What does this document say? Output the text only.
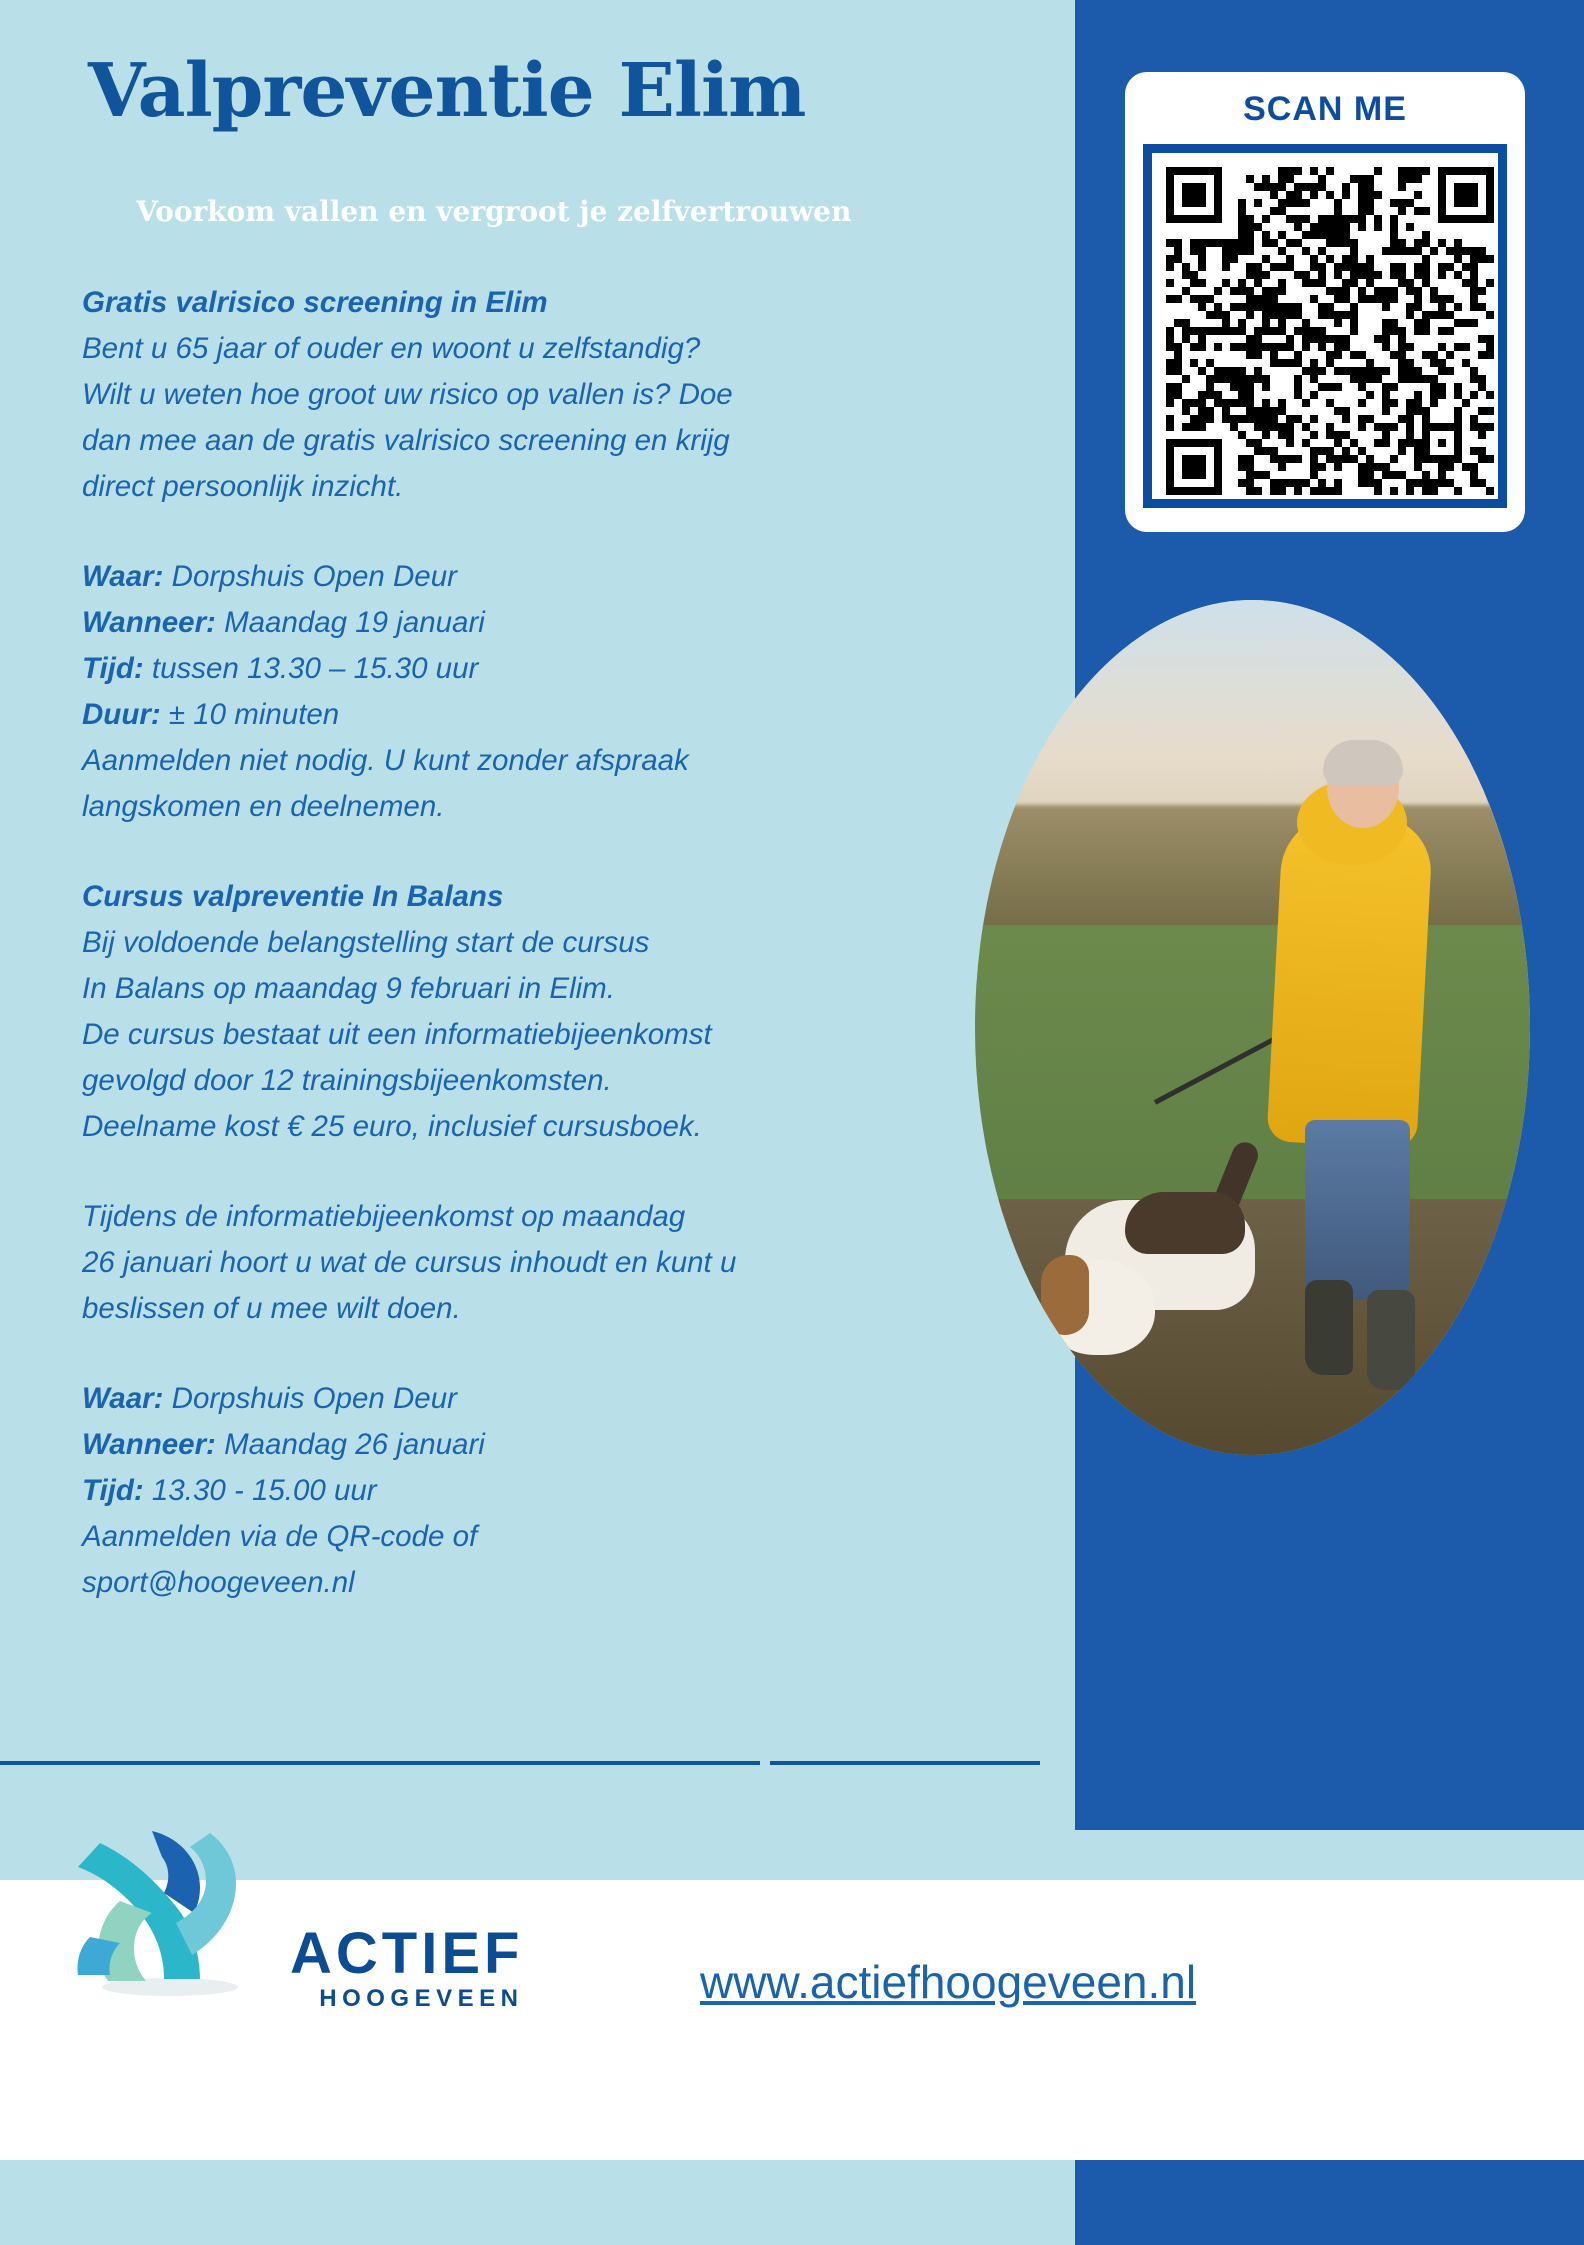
Valpreventie Elim
Voorkom vallen en vergroot je zelfvertrouwen
SCAN ME

Gratis valrisico screening in Elim

Bent u 65 jaar of ouder en woont u zelfstandig?

Wilt u weten hoe groot uw risico op vallen is? Doe

dan mee aan de gratis valrisico screening en krijg

direct persoonlijk inzicht.

Waar: Dorpshuis Open Deur

Wanneer: Maandag 19 januari

Tijd: tussen 13.30 – 15.30 uur

Duur: ± 10 minuten

Aanmelden niet nodig. U kunt zonder afspraak

langskomen en deelnemen.

Cursus valpreventie In Balans

Bij voldoende belangstelling start de cursus

In Balans op maandag 9 februari in Elim.

De cursus bestaat uit een informatiebijeenkomst

gevolgd door 12 trainingsbijeenkomsten.

Deelname kost € 25 euro, inclusief cursusboek.

Tijdens de informatiebijeenkomst op maandag

26 januari hoort u wat de cursus inhoudt en kunt u

beslissen of u mee wilt doen.

Waar: Dorpshuis Open Deur

Wanneer: Maandag 26 januari

Tijd: 13.30 - 15.00 uur

Aanmelden via de QR-code of

sport@hoogeveen.nl

ACTIEF
HOOGEVEEN	www.actiefhoogeveen.nl
